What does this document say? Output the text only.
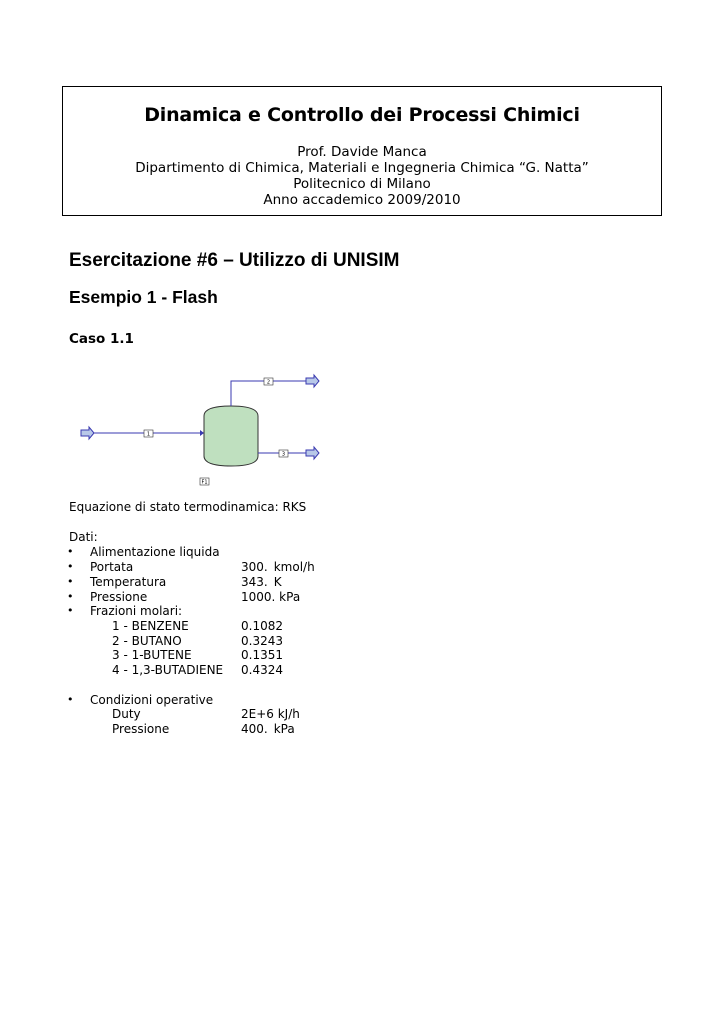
Dinamica e Controllo dei Processi Chimici
Prof. Davide Manca
Dipartimento di Chimica, Materiali e Ingegneria Chimica “G. Natta”
Politecnico di Milano
Anno accademico 2009/2010
Esercitazione #6 – Utilizzo di UNISIM
Esempio 1 - Flash
Caso 1.1
1
2
3
F1
Equazione di stato termodinamica: RKS
Dati:
•
•
•
•
•
•
Alimentazione liquida
Portata	300. kmol/h
Temperatura	343. K
Pressione	1000. kPa
Frazioni molari:
1 - BENZENE	0.1082
2 - BUTANO	0.3243
3 - 1-BUTENE	0.1351
4 - 1,3-BUTADIENE 0.4324
Condizioni operative
Duty	2E+6 kJ/h
Pressione	400. kPa
